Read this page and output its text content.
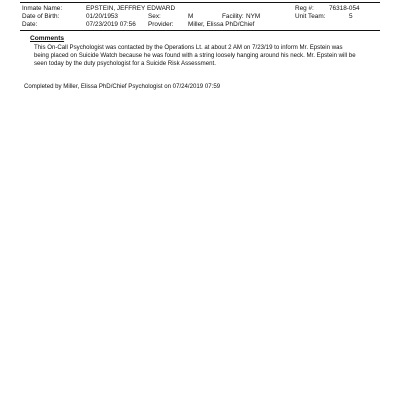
Inmate Name:	EPSTEIN, JEFFREY EDWARD	Reg #: 76318-054
Date of Birth:	01/20/1953	Sex:	M	Facility: NYM	Unit Team:	5
Date:	07/23/2019 07:56 Provider: Miller, Elissa PhD/Chief
Comments
This On-Call Psychologist was contacted by the Operations Lt. at about 2 AM on 7/23/19 to inform Mr. Epstein was
being placed on Suicide Watch because he was found with a string loosely hanging around his neck. Mr. Epstein will be
seen today by the duty psychologist for a Suicide Risk Assessment.
Completed by Miller, Elissa PhD/Chief Psychologist on 07/24/2019 07:59
